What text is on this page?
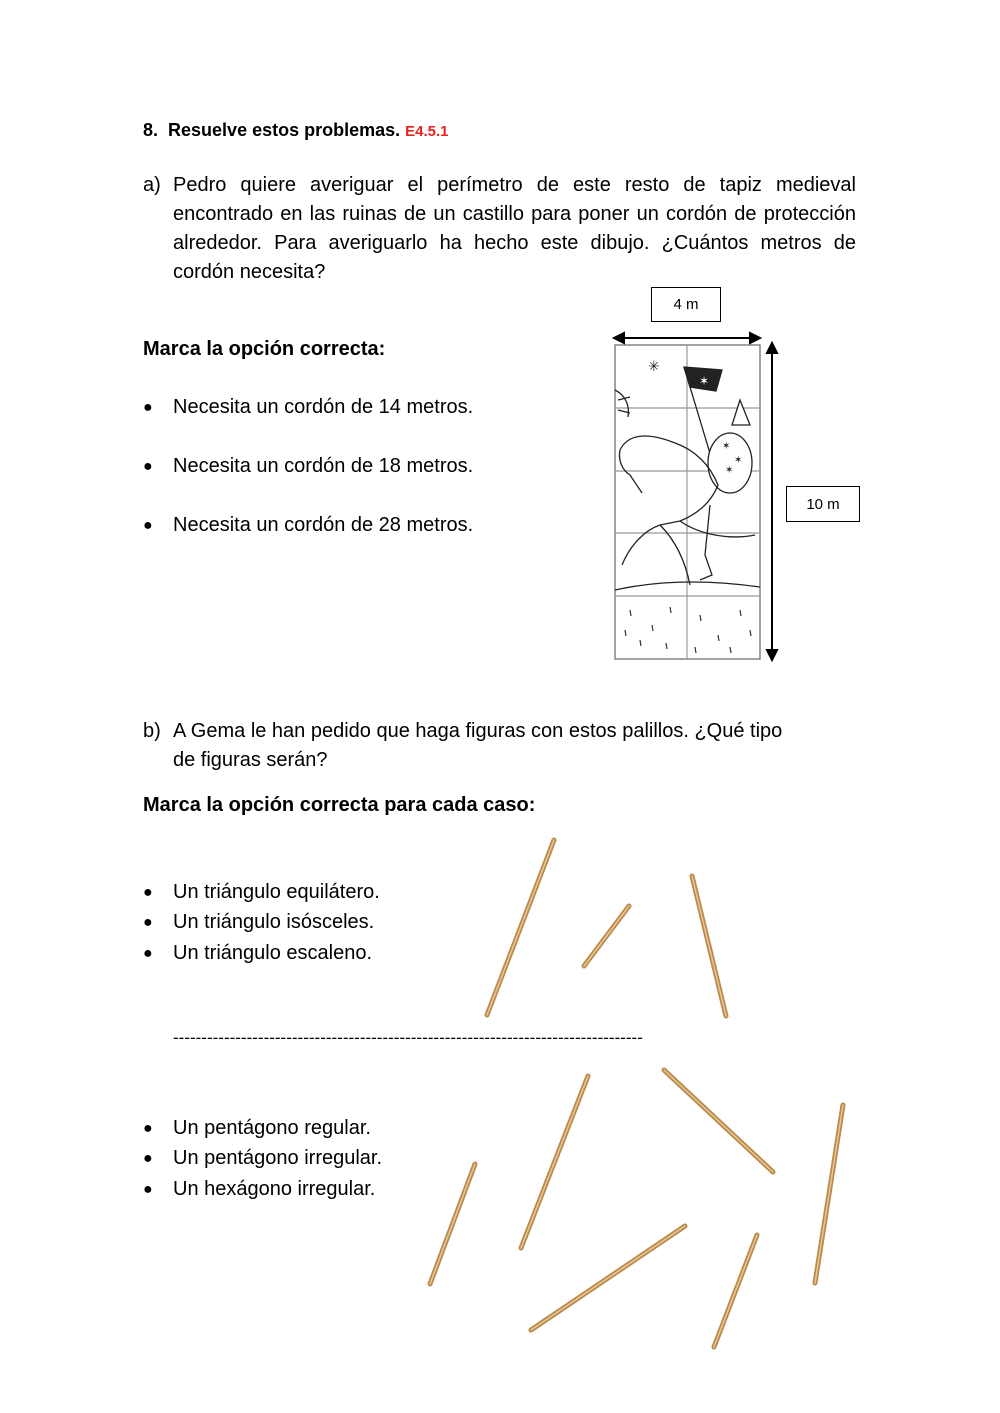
8. Resuelve estos problemas. E4.5.1
a) Pedro quiere averiguar el perímetro de este resto de tapiz medieval encontrado en las ruinas de un castillo para poner un cordón de protección alrededor. Para averiguarlo ha hecho este dibujo. ¿Cuántos metros de cordón necesita?
Marca la opción correcta:
●	Necesita un cordón de 14 metros.
●	Necesita un cordón de 18 metros.
●	Necesita un cordón de 28 metros.
4 m
10 m
✶
✳
✶
✶
✶
b) A Gema le han pedido que haga figuras con estos palillos. ¿Qué tipo
de figuras serán?
Marca la opción correcta para cada caso:
●	Un triángulo equilátero.
●	Un triángulo isósceles.
●	Un triángulo escaleno.
-----------------------------------------------------------------------------------
●	Un pentágono regular.
●	Un pentágono irregular.
●	Un hexágono irregular.
